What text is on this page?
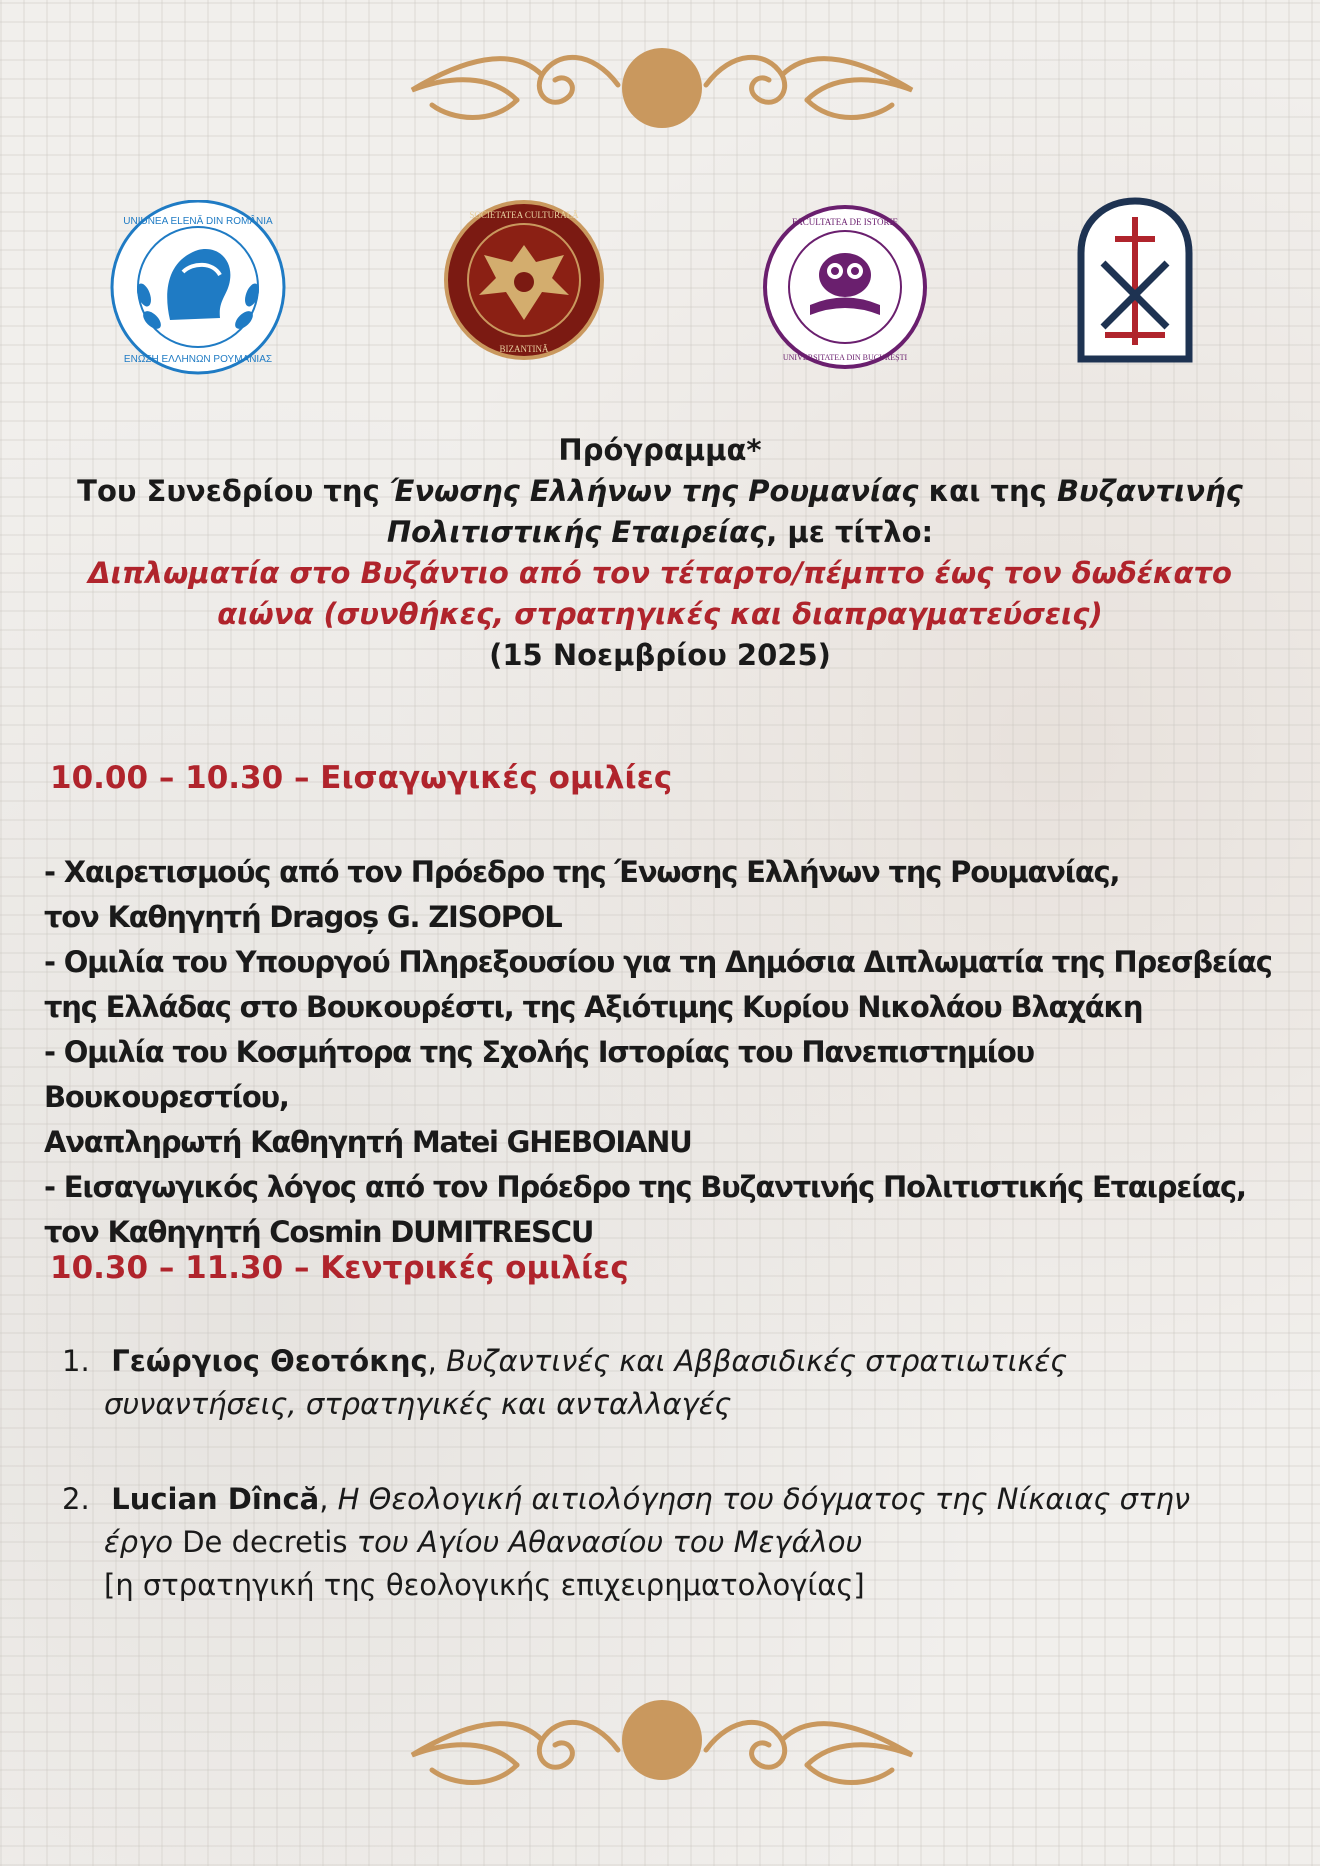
UNIUNEA ELENĂ DIN ROMÂNIA
ΕΝΩΣΗ ΕΛΛΗΝΩΝ ΡΟΥΜΑΝΙΑΣ
SOCIETATEA CULTURALĂ
BIZANTINĂ
FACULTATEA DE ISTORIE
UNIVERSITATEA DIN BUCUREȘTI
Πρόγραμμα*
Του Συνεδρίου της Ένωσης Ελλήνων της Ρουμανίας και της Βυζαντινής
Πολιτιστικής Εταιρείας, με τίτλο:
Διπλωματία στο Βυζάντιο από τον τέταρτο/πέμπτο έως τον δωδέκατο
αιώνα (συνθήκες, στρατηγικές και διαπραγματεύσεις)
(15 Νοεμβρίου 2025)
10.00 – 10.30 – Εισαγωγικές ομιλίες

- Χαιρετισμούς από τον Πρόεδρο της Ένωσης Ελλήνων της Ρουμανίας,

τον Καθηγητή Dragoș G. ZISOPOL

- Ομιλία του Υπουργού Πληρεξουσίου για τη Δημόσια Διπλωματία της Πρεσβείας

της Ελλάδας στο Βουκουρέστι, της Αξιότιμης Κυρίου Νικολάου Βλαχάκη

- Ομιλία του Κοσμήτορα της Σχολής Ιστορίας του Πανεπιστημίου Βουκουρεστίου,

Αναπληρωτή Καθηγητή Matei GHEBOIANU

- Εισαγωγικός λόγος από τον Πρόεδρο της Βυζαντινής Πολιτιστικής Εταιρείας,

τον Καθηγητή Cosmin DUMITRESCU

10.30 – 11.30 – Κεντρικές ομιλίες
1. Γεώργιος Θεοτόκης, Βυζαντινές και Αββασιδικές στρατιωτικές
συναντήσεις, στρατηγικές και ανταλλαγές
2. Lucian Dîncă, Η Θεολογική αιτιολόγηση του δόγματος της Νίκαιας στην
έργο De decretis του Αγίου Αθανασίου του Μεγάλου
[η στρατηγική της θεολογικής επιχειρηματολογίας]
